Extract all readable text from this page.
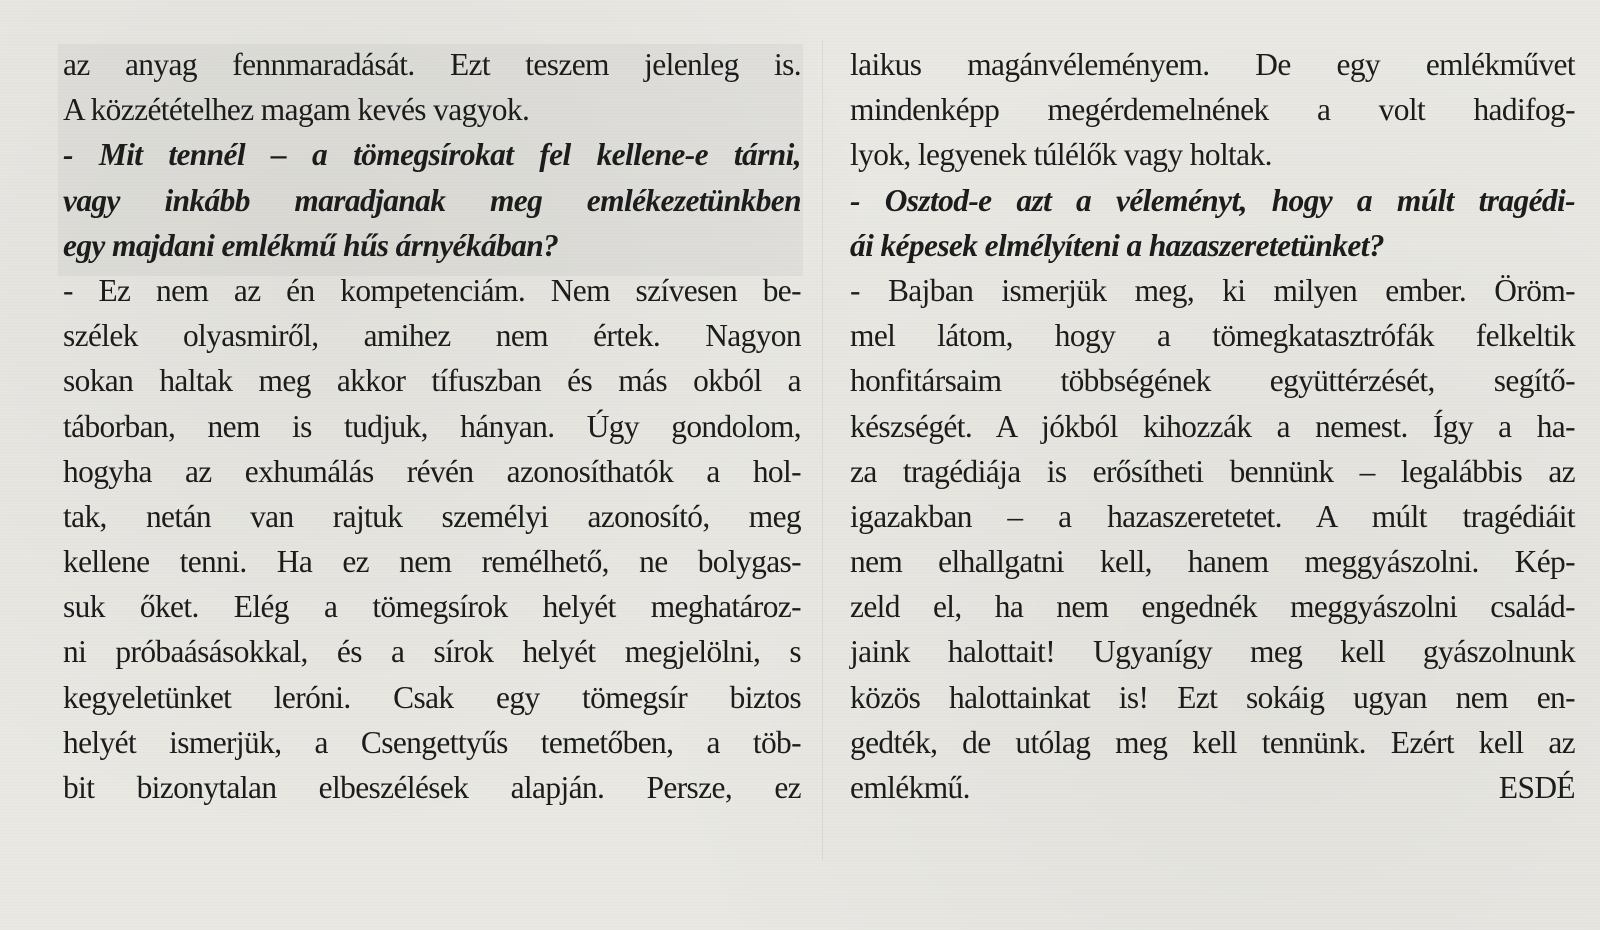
az anyag fennmaradását. Ezt teszem jelenleg is.
A közzétételhez magam kevés vagyok.
- Mit tennél – a tömegsírokat fel kellene-e tárni,
vagy inkább maradjanak meg emlékezetünkben
egy majdani emlékmű hűs árnyékában?
- Ez nem az én kompetenciám. Nem szívesen be-
szélek olyasmiről, amihez nem értek. Nagyon
sokan haltak meg akkor tífuszban és más okból a
táborban, nem is tudjuk, hányan. Úgy gondolom,
hogyha az exhumálás révén azonosíthatók a hol-
tak, netán van rajtuk személyi azonosító, meg
kellene tenni. Ha ez nem remélhető, ne bolygas-
suk őket. Elég a tömegsírok helyét meghatároz-
ni próbaásásokkal, és a sírok helyét megjelölni, s
kegyeletünket leróni. Csak egy tömegsír biztos
helyét ismerjük, a Csengettyűs temetőben, a töb-
bit bizonytalan elbeszélések alapján. Persze, ez
laikus magánvéleményem. De egy emlékművet
mindenképp megérdemelnének a volt hadifog-
lyok, legyenek túlélők vagy holtak.
- Osztod-e azt a véleményt, hogy a múlt tragédi-
ái képesek elmélyíteni a hazaszeretetünket?
- Bajban ismerjük meg, ki milyen ember. Öröm-
mel látom, hogy a tömegkatasztrófák felkeltik
honfitársaim többségének együttérzését, segítő-
készségét. A jókból kihozzák a nemest. Így a ha-
za tragédiája is erősítheti bennünk – legalábbis az
igazakban – a hazaszeretetet. A múlt tragédiáit
nem elhallgatni kell, hanem meggyászolni. Kép-
zeld el, ha nem engednék meggyászolni család-
jaink halottait! Ugyanígy meg kell gyászolnunk
közös halottainkat is! Ezt sokáig ugyan nem en-
gedték, de utólag meg kell tennünk. Ezért kell az
emlékmű.	ESDÉ
